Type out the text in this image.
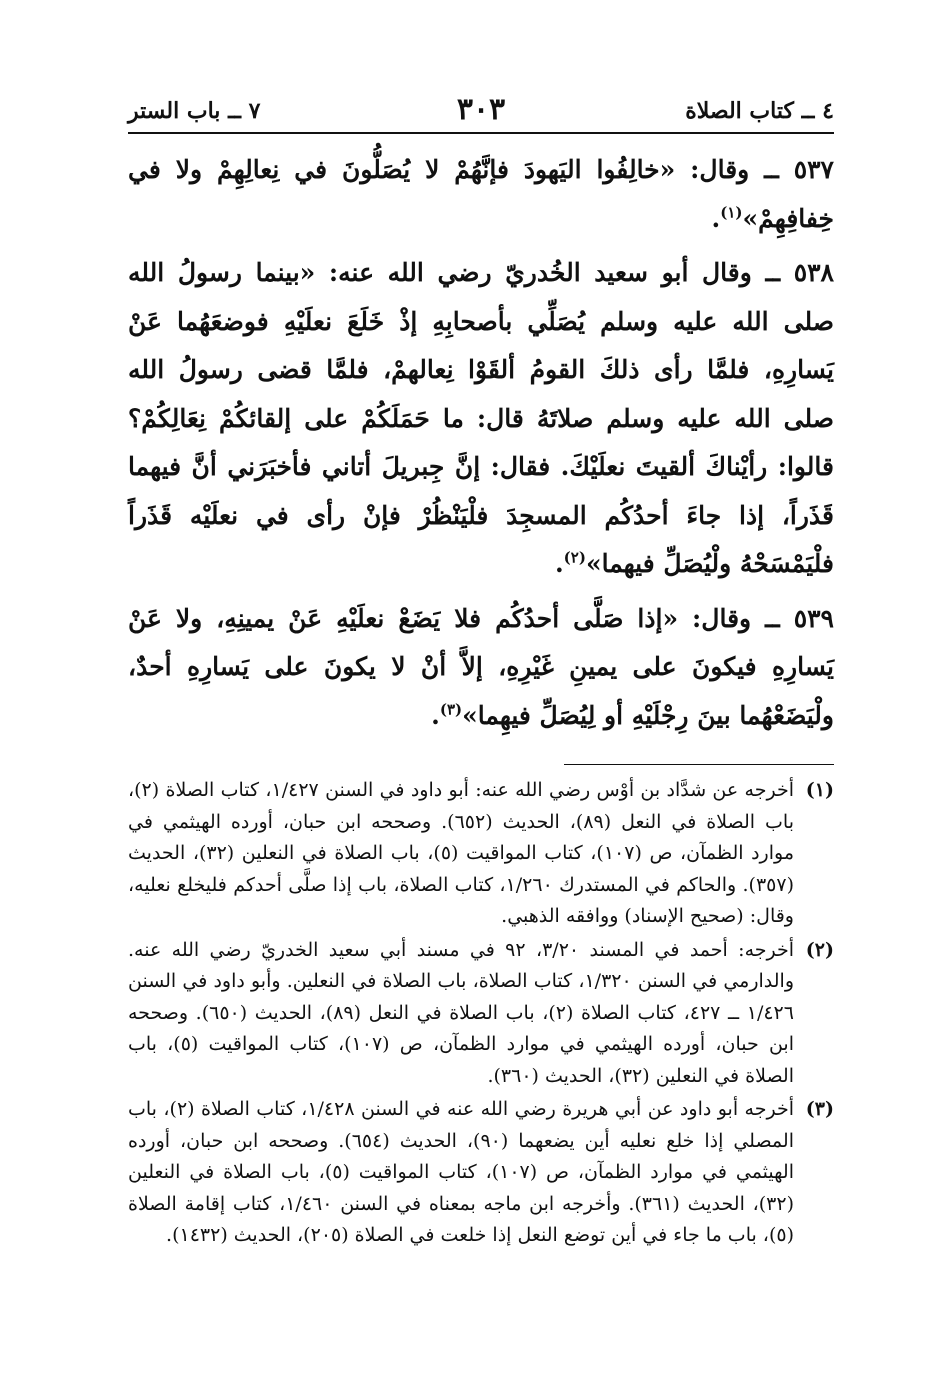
٤ ــ كتاب الصلاة
٣٠٣
٧ ــ باب الستر

٥٣٧ ــ وقال: «خالِفُوا اليَهودَ فإنَّهُمْ لا يُصَلُّونَ في نِعالِهِمْ ولا في خِفافِهِمْ»$^{(١)}$.

٥٣٨ ــ وقال أبو سعيد الخُدريّ رضي الله عنه: «بينما رسولُ الله صلى الله عليه وسلم يُصَلِّي بأصحابِهِ إذْ خَلَعَ نعلَيْهِ فوضعَهُما عَنْ يَسارِهِ، فلمَّا رأى ذلكَ القومُ ألقَوْا نِعالهمْ، فلمَّا قضى رسولُ الله صلى الله عليه وسلم صلاتَهُ قال: ما حَمَلَكُمْ على إلقائكُمْ نِعَالِكُمْ؟ قالوا: رأيْناكَ ألقيتَ نعلَيْكَ. فقال: إنَّ جِبريلَ أتاني فأخبَرَني أنَّ فيهما قَذَراً، إذا جاءَ أحدُكُم المسجِدَ فلْيَنْظُرْ فإنْ رأى في نعلَيْه قَذَراً فلْيَمْسَحْهُ ولْيُصَلِّ فيهما»$^{(٢)}$.

٥٣٩ ــ وقال: «إذا صَلَّى أحدُكُم فلا يَضَعْ نعلَيْهِ عَنْ يمينِهِ، ولا عَنْ يَسارِهِ فيكونَ على يمينِ غَيْرِهِ، إلاَّ أنْ لا يكونَ على يَسارِهِ أحدٌ، ولْيَضَعْهُما بينَ رِجْلَيْهِ أو لِيُصَلِّ فيهِما»$^{(٣)}$.

(١)
أخرجه عن شدَّاد بن أوْس رضي الله عنه: أبو داود في السنن ١/٤٢٧، كتاب الصلاة (٢)، باب الصلاة في النعل (٨٩)، الحديث (٦٥٢). وصححه ابن حبان، أورده الهيثمي في موارد الظمآن، ص (١٠٧)، كتاب المواقيت (٥)، باب الصلاة في النعلين (٣٢)، الحديث (٣٥٧). والحاكم في المستدرك ١/٢٦٠، كتاب الصلاة، باب إذا صلَّى أحدكم فليخلع نعليه، وقال: (صحيح الإسناد) ووافقه الذهبي.
(٢)
أخرجه: أحمد في المسند ٣/٢٠، ٩٢ في مسند أبي سعيد الخدريّ رضي الله عنه. والدارمي في السنن ١/٣٢٠، كتاب الصلاة، باب الصلاة في النعلين. وأبو داود في السنن ١/٤٢٦ ــ ٤٢٧، كتاب الصلاة (٢)، باب الصلاة في النعل (٨٩)، الحديث (٦٥٠). وصححه ابن حبان، أورده الهيثمي في موارد الظمآن، ص (١٠٧)، كتاب المواقيت (٥)، باب الصلاة في النعلين (٣٢)، الحديث (٣٦٠).
(٣)
أخرجه أبو داود عن أبي هريرة رضي الله عنه في السنن ١/٤٢٨، كتاب الصلاة (٢)، باب المصلي إذا خلع نعليه أين يضعهما (٩٠)، الحديث (٦٥٤). وصححه ابن حبان، أورده الهيثمي في موارد الظمآن، ص (١٠٧)، كتاب المواقيت (٥)، باب الصلاة في النعلين (٣٢)، الحديث (٣٦١). وأخرجه ابن ماجه بمعناه في السنن ١/٤٦٠، كتاب إقامة الصلاة (٥)، باب ما جاء في أين توضع النعل إذا خلعت في الصلاة (٢٠٥)، الحديث (١٤٣٢).
